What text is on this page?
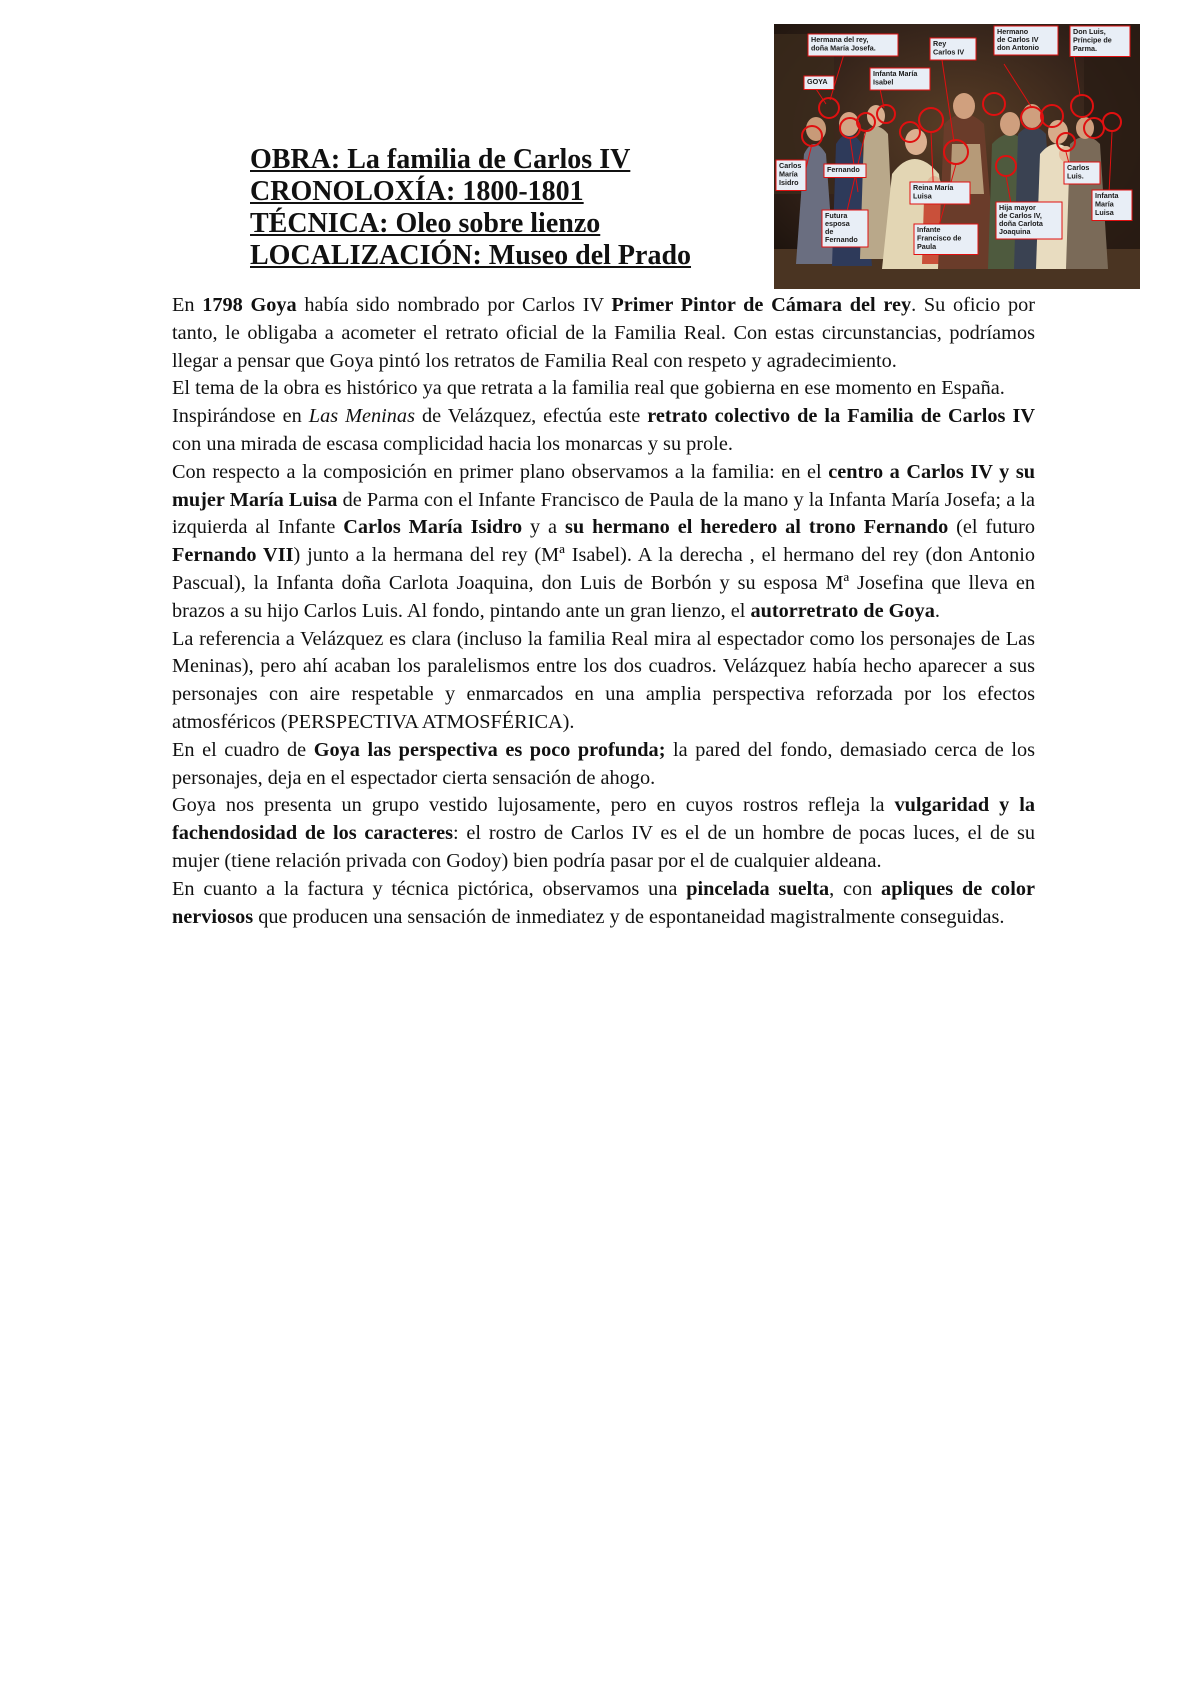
OBRA: La familia de Carlos IV
CRONOLOXÍA: 1800-1801
TÉCNICA: Oleo sobre lienzo
LOCALIZACIÓN: Museo del Prado
Hermana del rey,
doña María Josefa.
GOYA
Infanta María
Isabel
Rey
Carlos IV
Hermano
de Carlos IV
don Antonio
Don Luis,
Príncipe de
Parma.
Carlos
María
Isidro
Fernando
Reina María
Luisa
Carlos
Luis.
Futura
esposa
de
Fernando
Hija mayor
de Carlos IV,
doña Carlota
Joaquina
Infanta
María
Luisa
Infante
Francisco de
Paula

En 1798 Goya había sido nombrado por Carlos IV Primer Pintor de Cámara del rey. Su oficio por tanto, le obligaba a acometer el retrato oficial de la Familia Real. Con estas circunstancias, podríamos llegar a pensar que Goya pintó los retratos de Familia Real con respeto y agradecimiento.

El tema de la obra es histórico ya que retrata a la familia real que gobierna en ese momento en España.

Inspirándose en Las Meninas de Velázquez, efectúa este retrato colectivo de la Familia de Carlos IV con una mirada de escasa complicidad hacia los monarcas y su prole.

Con respecto a la composición en primer plano observamos a la familia: en el centro a Carlos IV y su mujer María Luisa de Parma con el Infante Francisco de Paula de la mano y la Infanta María Josefa; a la izquierda al Infante Carlos María Isidro y a su hermano el heredero al trono Fernando (el futuro Fernando VII) junto a la hermana del rey (Mª Isabel). A la derecha , el hermano del rey (don Antonio Pascual), la Infanta doña Carlota Joaquina, don Luis de Borbón y su esposa Mª Josefina que lleva en brazos a su hijo Carlos Luis. Al fondo, pintando ante un gran lienzo, el autorretrato de Goya.

La referencia a Velázquez es clara (incluso la familia Real mira al espectador como los personajes de Las Meninas), pero ahí acaban los paralelismos entre los dos cuadros. Velázquez había hecho aparecer a sus personajes con aire respetable y enmarcados en una amplia perspectiva reforzada por los efectos atmosféricos (PERSPECTIVA ATMOSFÉRICA).

En el cuadro de Goya las perspectiva es poco profunda; la pared del fondo, demasiado cerca de los personajes, deja en el espectador cierta sensación de ahogo.

Goya nos presenta un grupo vestido lujosamente, pero en cuyos rostros refleja la vulgaridad y la fachendosidad de los caracteres: el rostro de Carlos IV es el de un hombre de pocas luces, el de su mujer (tiene relación privada con Godoy) bien podría pasar por el de cualquier aldeana.

En cuanto a la factura y técnica pictórica, observamos una pincelada suelta, con apliques de color nerviosos que producen una sensación de inmediatez y de espontaneidad magistralmente conseguidas.
